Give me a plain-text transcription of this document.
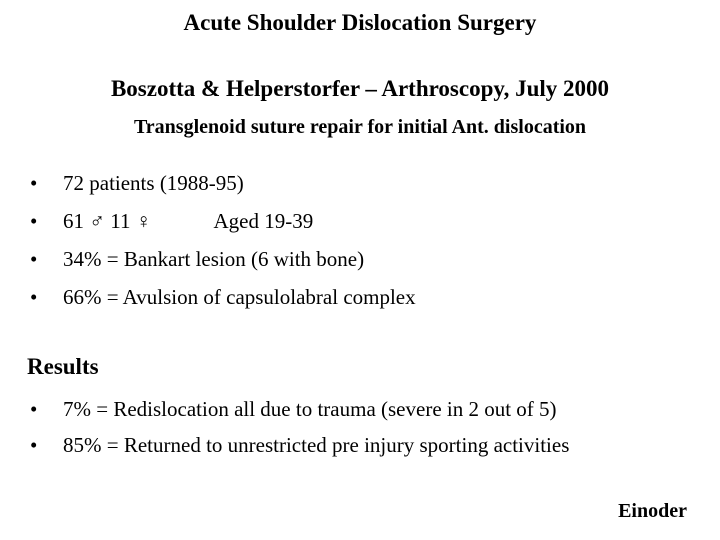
Acute Shoulder Dislocation Surgery
Boszotta & Helperstorfer – Arthroscopy, July 2000
Transglenoid suture repair for initial Ant. dislocation
• 72 patients (1988-95)
• 61 ♂ 11 ♀	Aged 19-39
• 34% = Bankart lesion (6 with bone)
• 66% = Avulsion of capsulolabral complex
Results
• 7% = Redislocation all due to trauma (severe in 2 out of 5)
• 85% = Returned to unrestricted pre injury sporting activities
Einoder
